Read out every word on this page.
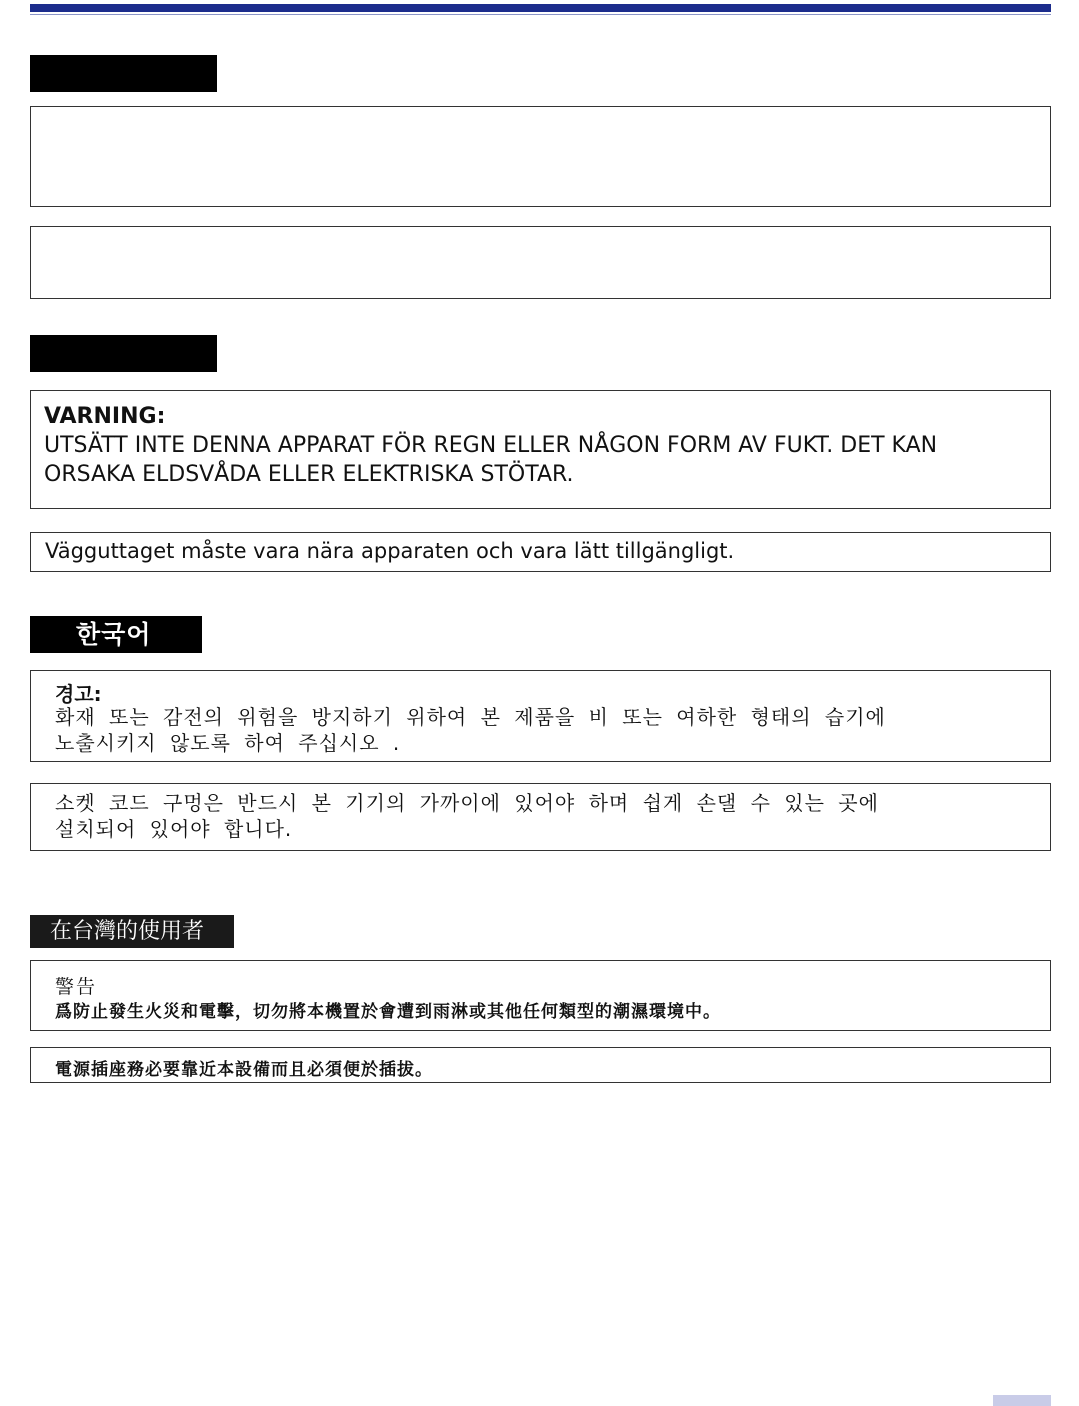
VARNING:

UTSÄTT INTE DENNA APPARAT FÖR REGN ELLER NÅGON FORM AV FUKT. DET KAN
ORSAKA ELDSVÅDA ELLER ELEKTRISKA STÖTAR.

Vägguttaget måste vara nära apparaten och vara lätt tillgängligt.

한국어

경고:

화재 또는 감전의 위험을 방지하기 위하여 본 제품을 비 또는 여하한 형태의 습기에
노출시키지 않도록 하여 주십시오 .

소켓 코드 구멍은 반드시 본 기기의 가까이에 있어야 하며 쉽게 손댈 수 있는 곳에
설치되어 있어야 합니다.

在台灣的使用者

警告

爲防止發生火災和電擊，切勿將本機置於會遭到雨淋或其他任何類型的潮濕環境中。

電源插座務必要靠近本設備而且必須便於插拔。
